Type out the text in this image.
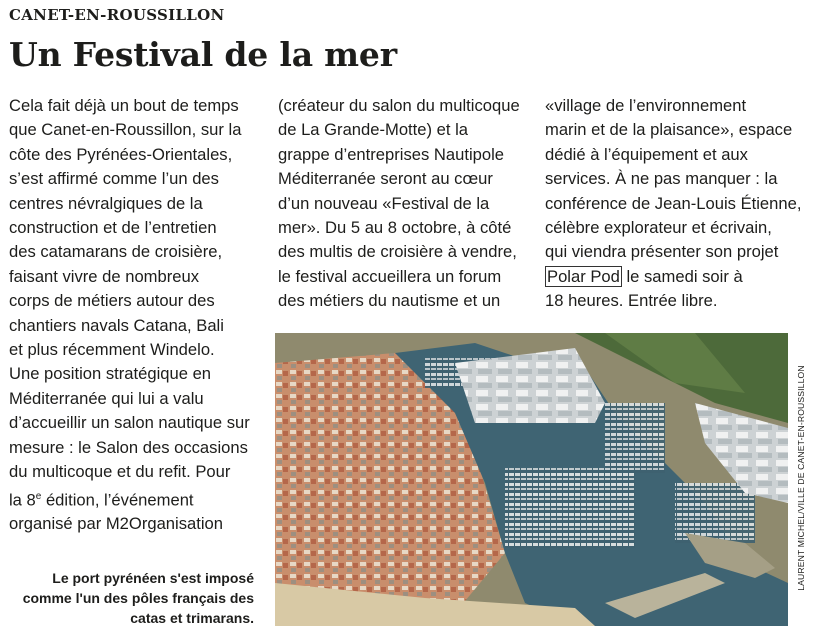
CANET-EN-ROUSSILLON
Un Festival de la mer
Cela fait déjà un bout de temps
que Canet-en-Roussillon, sur la
côte des Pyrénées-Orientales,
s’est affirmé comme l’un des
centres névralgiques de la
construction et de l’entretien
des catamarans de croisière,
faisant vivre de nombreux
corps de métiers autour des
chantiers navals Catana, Bali
et plus récemment Windelo.
Une position stratégique en
Méditerranée qui lui a valu
d’accueillir un salon nautique sur
mesure : le Salon des occasions
du multicoque et du refit. Pour
la 8e édition, l’événement
organisé par M2Organisation
(créateur du salon du multicoque
de La Grande-Motte) et la
grappe d’entreprises Nautipole
Méditerranée seront au cœur
d’un nouveau «Festival de la
mer». Du 5 au 8 octobre, à côté
des multis de croisière à vendre,
le festival accueillera un forum
des métiers du nautisme et un
«village de l’environnement
marin et de la plaisance», espace
dédié à l’équipement et aux
services. À ne pas manquer : la
conférence de Jean-Louis Étienne,
célèbre explorateur et écrivain,
qui viendra présenter son projet
Polar Pod le samedi soir à
18 heures. Entrée libre.
Le port pyrénéen s'est imposé comme l'un des pôles français des catas et trimarans.
LAURENT MICHEL/VILLE DE CANET-EN-ROUSSILLON
